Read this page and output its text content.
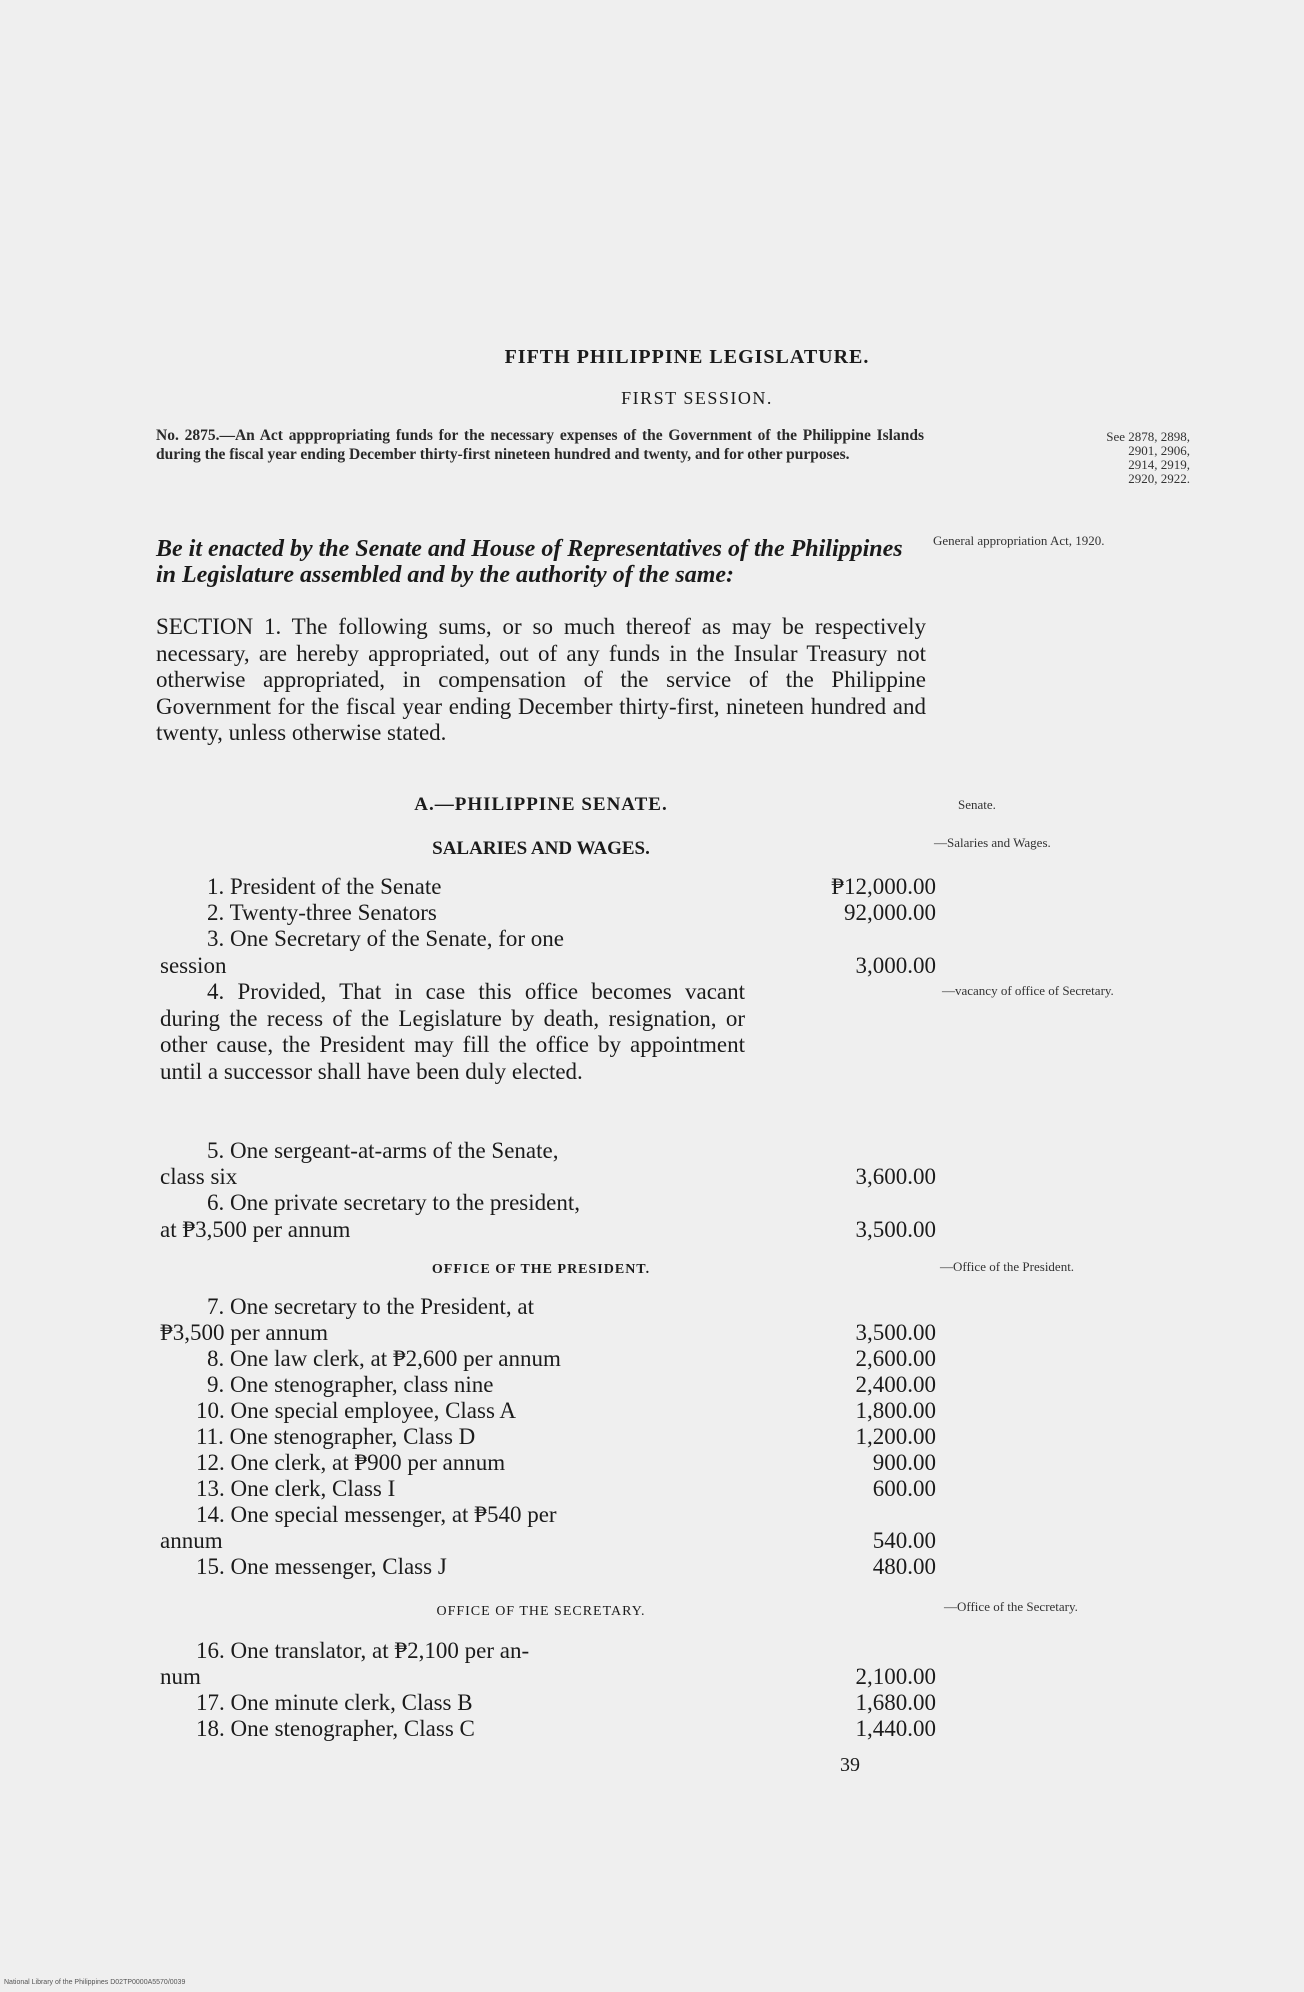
FIFTH PHILIPPINE LEGISLATURE.
FIRST SESSION.
No. 2875.—An Act apppropriating funds for the necessary expenses of the Government of the Philippine Islands during the fiscal year ending December thirty-first nineteen hundred and twenty, and for other purposes.
See 2878, 2898, 2901, 2906, 2914, 2919, 2920, 2922.
Be it enacted by the Senate and House of Representatives of the Philippines in Legislature assembled and by the authority of the same:
General appropriation Act, 1920.
SECTION 1. The following sums, or so much thereof as may be respectively necessary, are hereby appropriated, out of any funds in the Insular Treasury not otherwise appropriated, in compensation of the service of the Philippine Government for the fiscal year ending December thirty-first, nineteen hundred and twenty, unless otherwise stated.
A.—PHILIPPINE SENATE.	Senate.
SALARIES AND WAGES.	—Salaries and Wages.
1. President of the Senate	₱12,000.00
2. Twenty-three Senators	92,000.00
3. One Secretary of the Senate, for one
session	3,000.00
4. Provided, That in case this office becomes vacant during the recess of the Legislature by death, resignation, or other cause, the President may fill the office by appointment until a successor shall have been duly elected.
—vacancy of office of Secretary.
5. One sergeant-at-arms of the Senate,
class six	3,600.00
6. One private secretary to the president,
at ₱3,500 per annum	3,500.00
OFFICE OF THE PRESIDENT.	—Office of the President.
7. One secretary to the President, at
₱3,500 per annum	3,500.00
8. One law clerk, at ₱2,600 per annum	2,600.00
9. One stenographer, class nine	2,400.00
10. One special employee, Class A	1,800.00
11. One stenographer, Class D	1,200.00
12. One clerk, at ₱900 per annum	900.00
13. One clerk, Class I	600.00
14. One special messenger, at ₱540 per
annum	540.00
15. One messenger, Class J	480.00
OFFICE OF THE SECRETARY.	—Office of the Secretary.
16. One translator, at ₱2,100 per an-
num	2,100.00
17. One minute clerk, Class B	1,680.00
18. One stenographer, Class C	1,440.00
39
National Library of the Philippines D02TP0000A5570/0039
